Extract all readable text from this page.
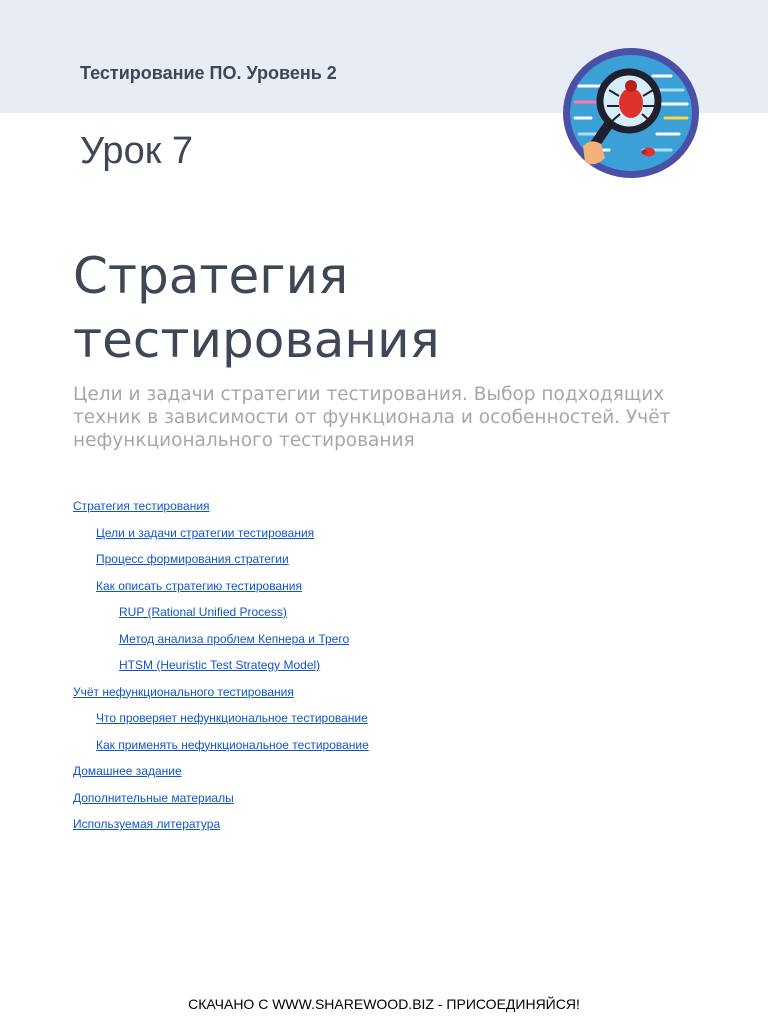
Тестирование ПО. Уровень 2
Урок 7
Стратегия тестирования
Цели и задачи стратегии тестирования. Выбор подходящих техник в зависимости от функционала и особенностей. Учёт нефункционального тестирования
Стратегия тестирования
Цели и задачи стратегии тестирования
Процесс формирования стратегии
Как описать стратегию тестирования
RUP (Rational Unified Process)
Метод анализа проблем Кепнера и Трего
HTSM (Heuristic Test Strategy Model)
Учёт нефункционального тестирования
Что проверяет нефункциональное тестирование
Как применять нефункциональное тестирование
Домашнее задание
Дополнительные материалы
Используемая литература
СКАЧАНО С WWW.SHAREWOOD.BIZ - ПРИСОЕДИНЯЙСЯ!
